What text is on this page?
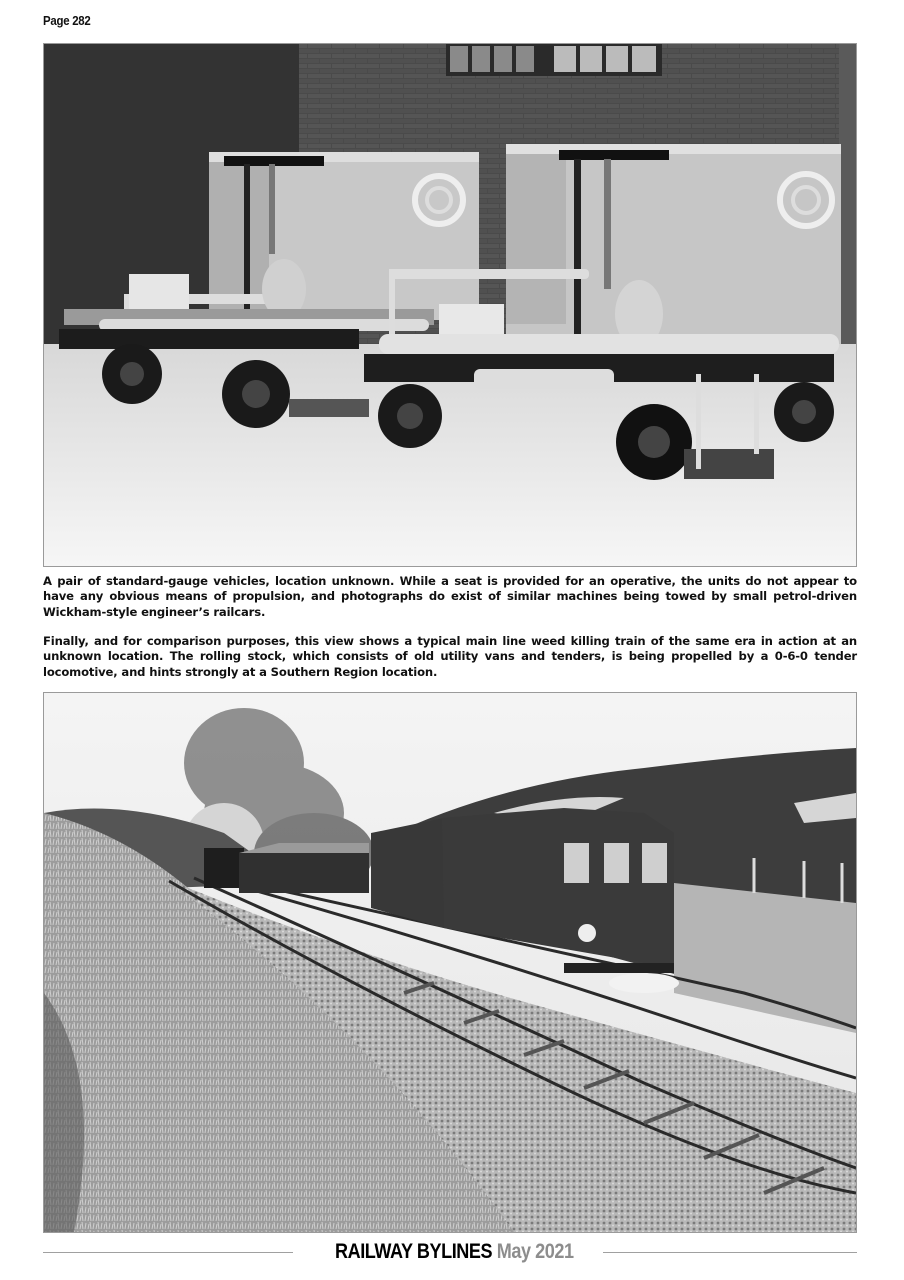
Page 282

A pair of standard-gauge vehicles, location unknown. While a seat is provided for an operative, the units do not appear to have any obvious means of propulsion, and photographs do exist of similar machines being towed by small petrol-driven Wickham-style engineer’s railcars.

Finally, and for comparison purposes, this view shows a typical main line weed killing train of the same era in action at an unknown location. The rolling stock, which consists of old utility vans and tenders, is being propelled by a 0-6-0 tender locomotive, and hints strongly at a Southern Region location.

RAILWAY BYLINES May 2021
